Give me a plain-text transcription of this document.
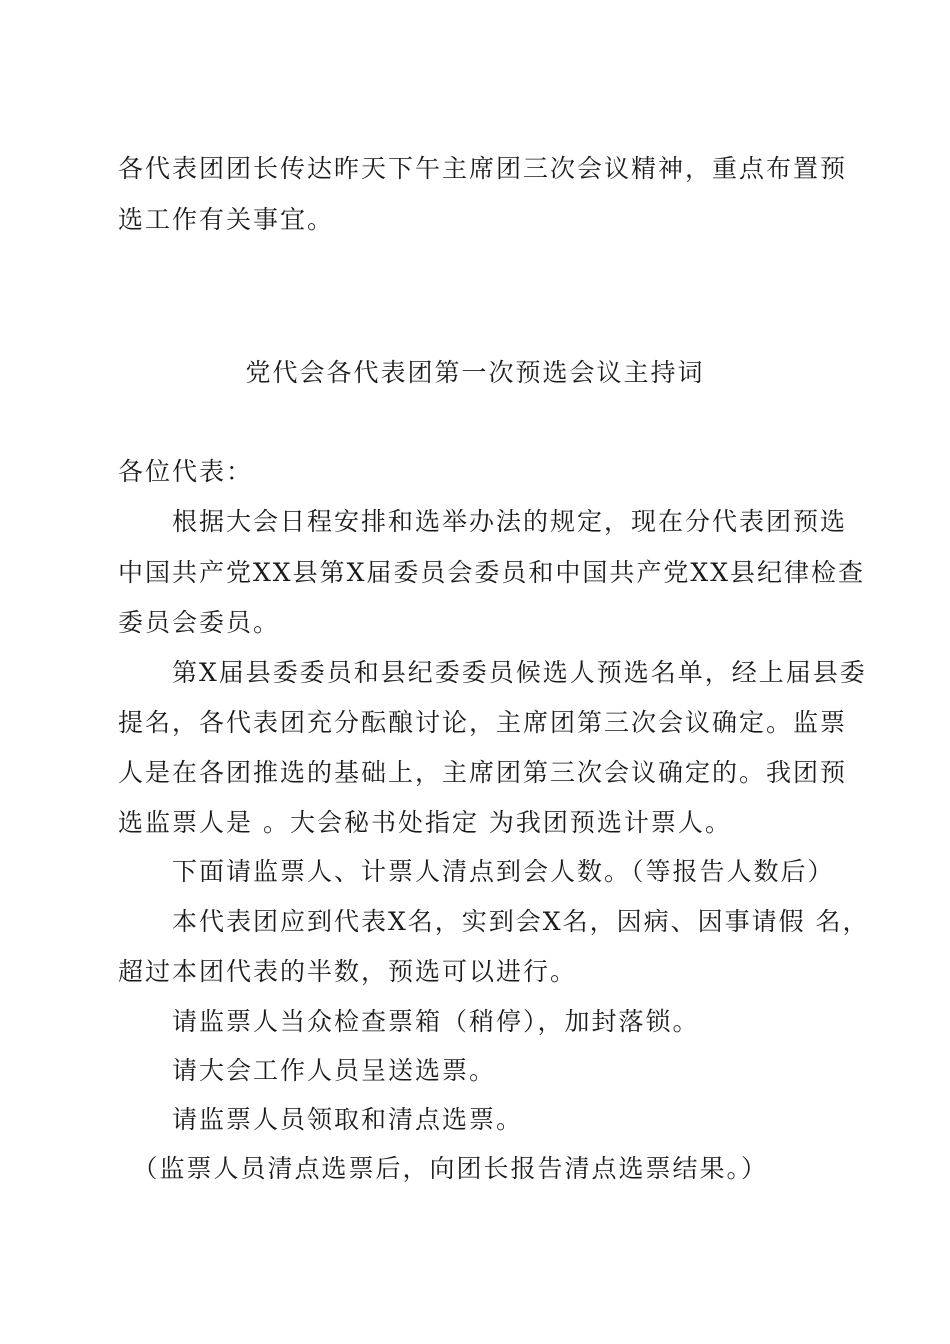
各代表团团长传达昨天下午主席团三次会议精神，重点布置预

选工作有关事宜。

党代会各代表团第一次预选会议主持词

各位代表：

　　根据大会日程安排和选举办法的规定，现在分代表团预选

中国共产党XX县第X届委员会委员和中国共产党XX县纪律检查

委员会委员。

　　第X届县委委员和县纪委委员候选人预选名单，经上届县委

提名，各代表团充分酝酿讨论，主席团第三次会议确定。监票

人是在各团推选的基础上，主席团第三次会议确定的。我团预

选监票人是 。大会秘书处指定 为我团预选计票人。

　　下面请监票人、计票人清点到会人数。（等报告人数后）

　　本代表团应到代表X名，实到会X名，因病、因事请假 名，

超过本团代表的半数，预选可以进行。

　　请监票人当众检查票箱（稍停），加封落锁。

　　请大会工作人员呈送选票。

　　请监票人员领取和清点选票。

　（监票人员清点选票后，向团长报告清点选票结果。）
